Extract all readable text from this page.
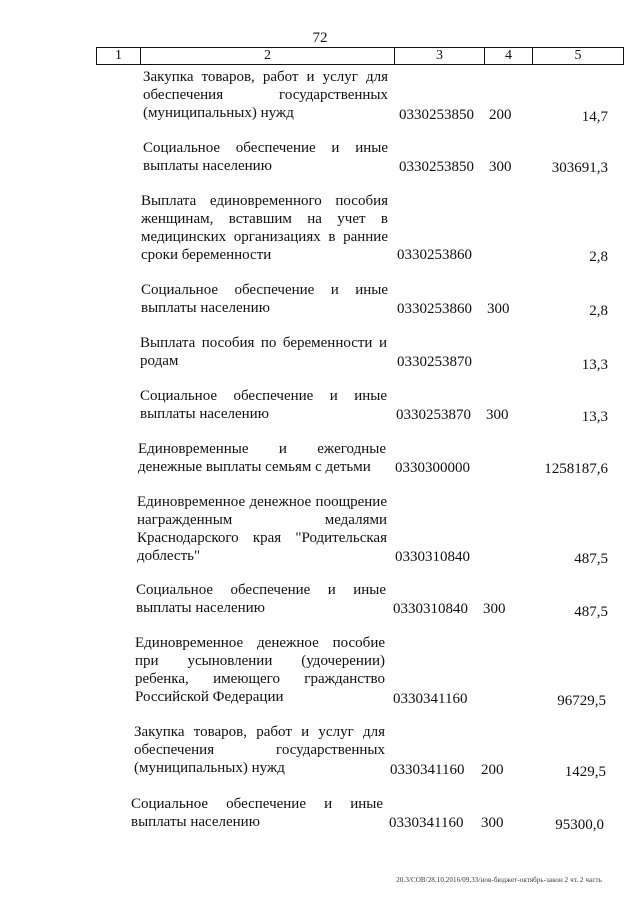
72
1	2	3	4	5
Закупка товаров, работ и услуг для обеспечения государственных (муниципальных) нужд	0330253850 200	14,7
Социальное обеспечение и иные выплаты населению	0330253850 300	303691,3
Выплата единовременного пособия женщинам, вставшим на учет в медицинских организациях в ранние сроки беременности	0330253860	2,8
Социальное обеспечение и иные выплаты населению	0330253860 300	2,8
Выплата пособия по беременности и родам	0330253870	13,3
Социальное обеспечение и иные выплаты населению	0330253870 300	13,3
Единовременные и ежегодные денежные выплаты семьям с детьми	0330300000	1258187,6
Единовременное денежное поощрение награжденным медалями Краснодарского края "Родительская доблесть"	0330310840	487,5
Социальное обеспечение и иные выплаты населению	0330310840 300	487,5
Единовременное денежное пособие при усыновлении (удочерении) ребенка, имеющего гражданство Российской Федерации	0330341160	96729,5
Закупка товаров, работ и услуг для обеспечения государственных (муниципальных) нужд	0330341160 200	1429,5
Социальное обеспечение и иные выплаты населению	0330341160 300	95300,0
20.3/СОВ/28.10.2016/09.33/нов-бюджет-октябрь-закон 2 чт. 2 часть
